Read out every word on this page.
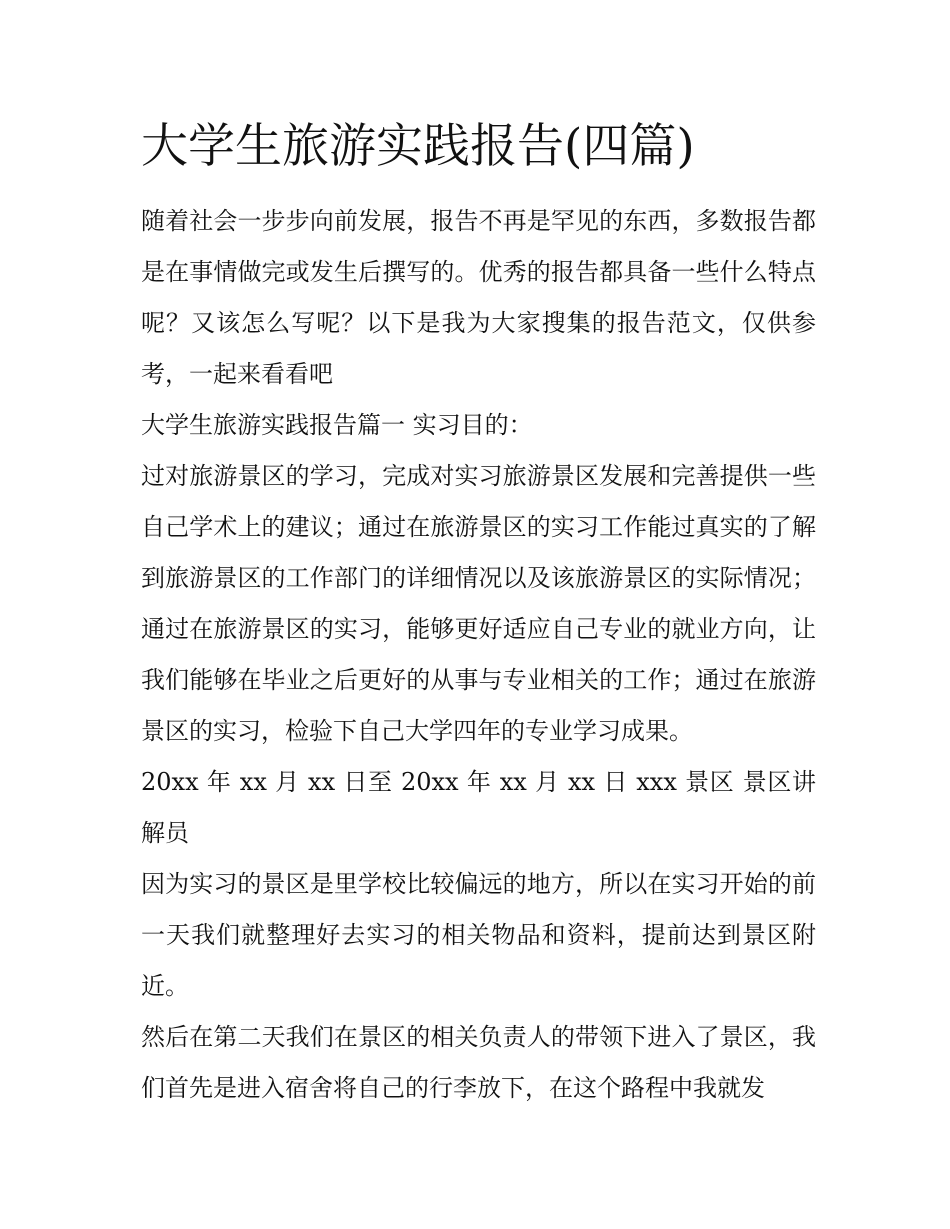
大学生旅游实践报告(四篇)

随着社会一步步向前发展，报告不再是罕见的东西，多数报告都是在事情做完或发生后撰写的。优秀的报告都具备一些什么特点呢？又该怎么写呢？以下是我为大家搜集的报告范文，仅供参考，一起来看看吧

大学生旅游实践报告篇一 实习目的：

过对旅游景区的学习，完成对实习旅游景区发展和完善提供一些自己学术上的建议；通过在旅游景区的实习工作能过真实的了解到旅游景区的工作部门的详细情况以及该旅游景区的实际情况；通过在旅游景区的实习，能够更好适应自己专业的就业方向，让我们能够在毕业之后更好的从事与专业相关的工作；通过在旅游景区的实习，检验下自己大学四年的专业学习成果。

20xx 年 xx 月 xx 日至 20xx 年 xx 月 xx 日 xxx 景区 景区讲解员

因为实习的景区是里学校比较偏远的地方，所以在实习开始的前一天我们就整理好去实习的相关物品和资料，提前达到景区附近。

然后在第二天我们在景区的相关负责人的带领下进入了景区，我们首先是进入宿舍将自己的行李放下，在这个路程中我就发
